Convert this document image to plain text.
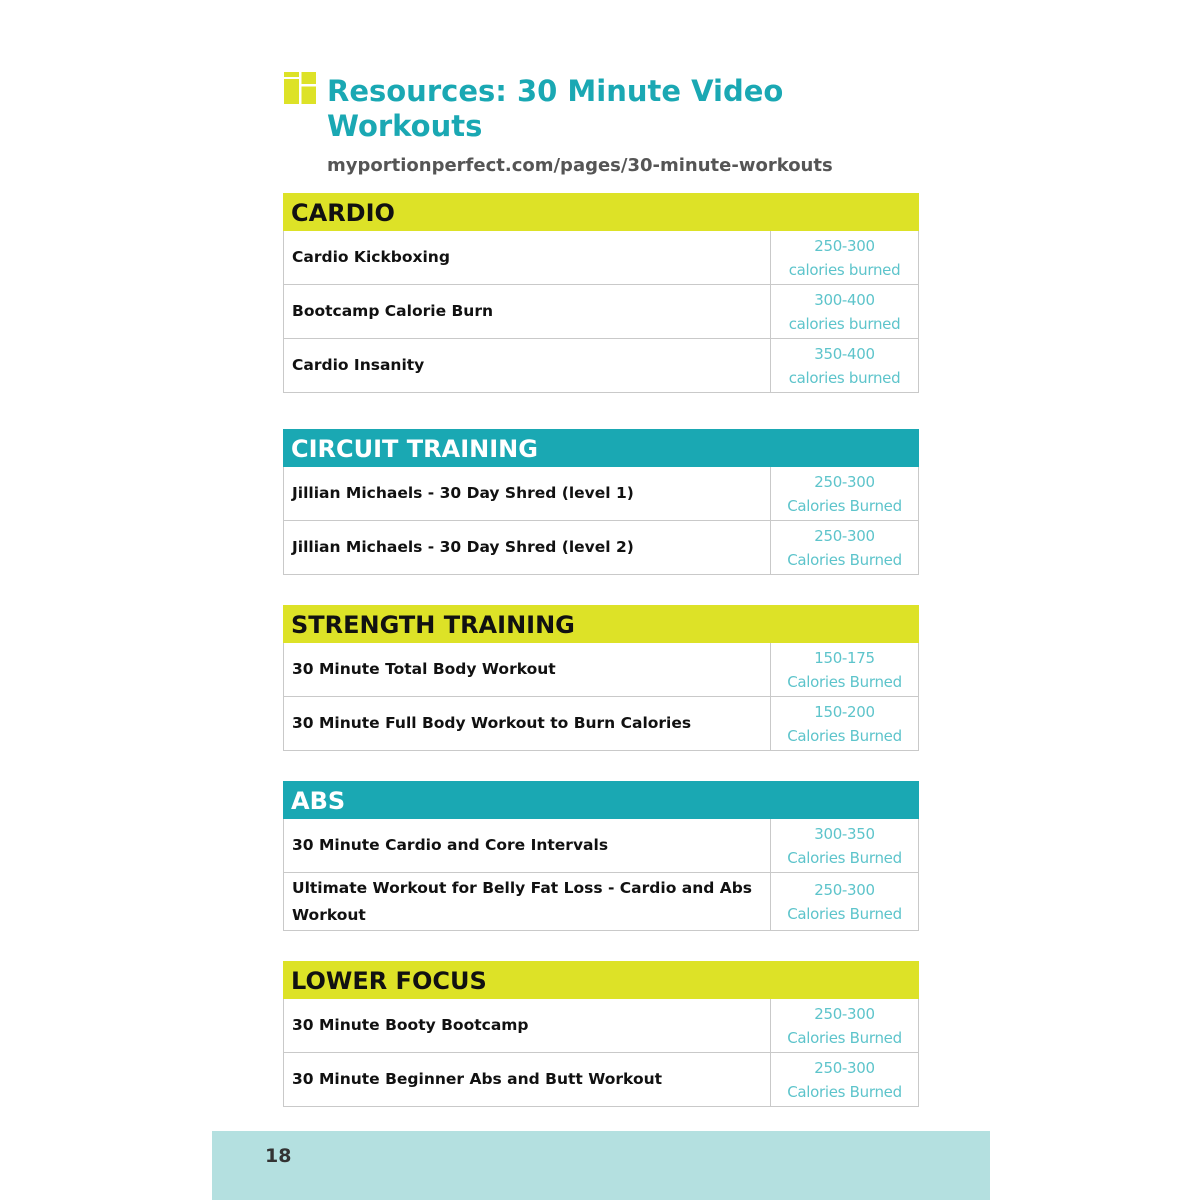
Resources: 30 Minute Video Workouts
myportionperfect.com/pages/30-minute-workouts
CARDIO
Cardio Kickboxing
250-300
calories burned
Bootcamp Calorie Burn
300-400
calories burned
Cardio Insanity
350-400
calories burned
CIRCUIT TRAINING
Jillian Michaels - 30 Day Shred (level 1)
250-300
Calories Burned
Jillian Michaels - 30 Day Shred (level 2)
250-300
Calories Burned
STRENGTH TRAINING
30 Minute Total Body Workout
150-175
Calories Burned
30 Minute Full Body Workout to Burn Calories
150-200
Calories Burned
ABS
30 Minute Cardio and Core Intervals
300-350
Calories Burned
Ultimate Workout for Belly Fat Loss - Cardio and Abs Workout
250-300
Calories Burned
LOWER FOCUS
30 Minute Booty Bootcamp
250-300
Calories Burned
30 Minute Beginner Abs and Butt Workout
250-300
Calories Burned
18
